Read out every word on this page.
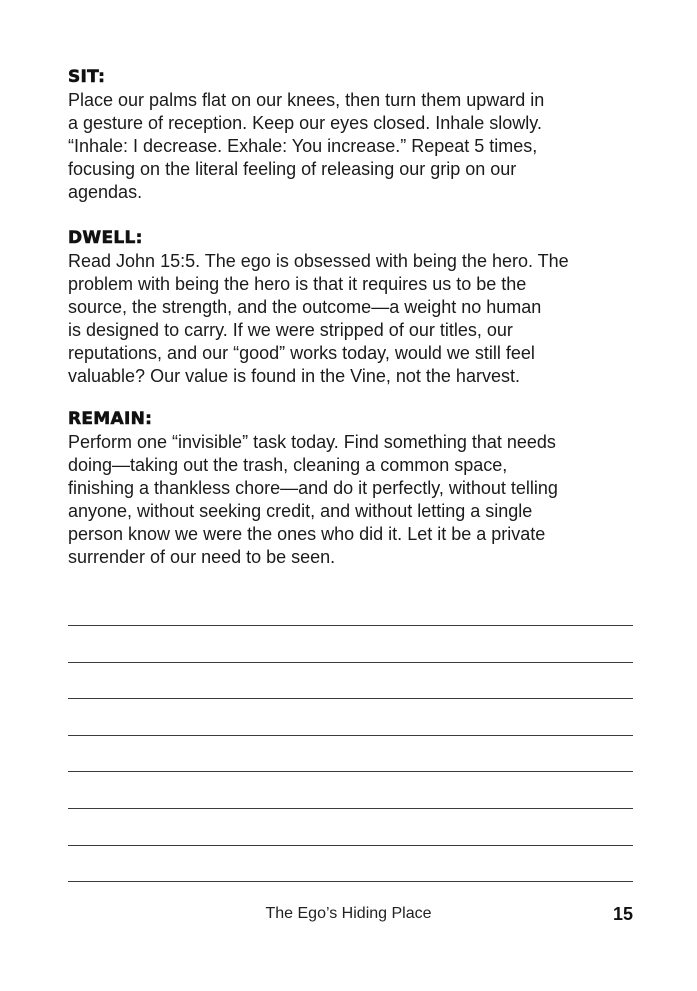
SIT:

Place our palms flat on our knees, then turn them upward in
a gesture of reception. Keep our eyes closed. Inhale slowly.
“Inhale: I decrease. Exhale: You increase.” Repeat 5 times,
focusing on the literal feeling of releasing our grip on our
agendas.

DWELL:

Read John 15:5. The ego is obsessed with being the hero. The
problem with being the hero is that it requires us to be the
source, the strength, and the outcome—a weight no human
is designed to carry. If we were stripped of our titles, our
reputations, and our “good” works today, would we still feel
valuable? Our value is found in the Vine, not the harvest.

REMAIN:

Perform one “invisible” task today. Find something that needs
doing—taking out the trash, cleaning a common space,
finishing a thankless chore—and do it perfectly, without telling
anyone, without seeking credit, and without letting a single
person know we were the ones who did it. Let it be a private
surrender of our need to be seen.

The Ego’s Hiding Place	15
